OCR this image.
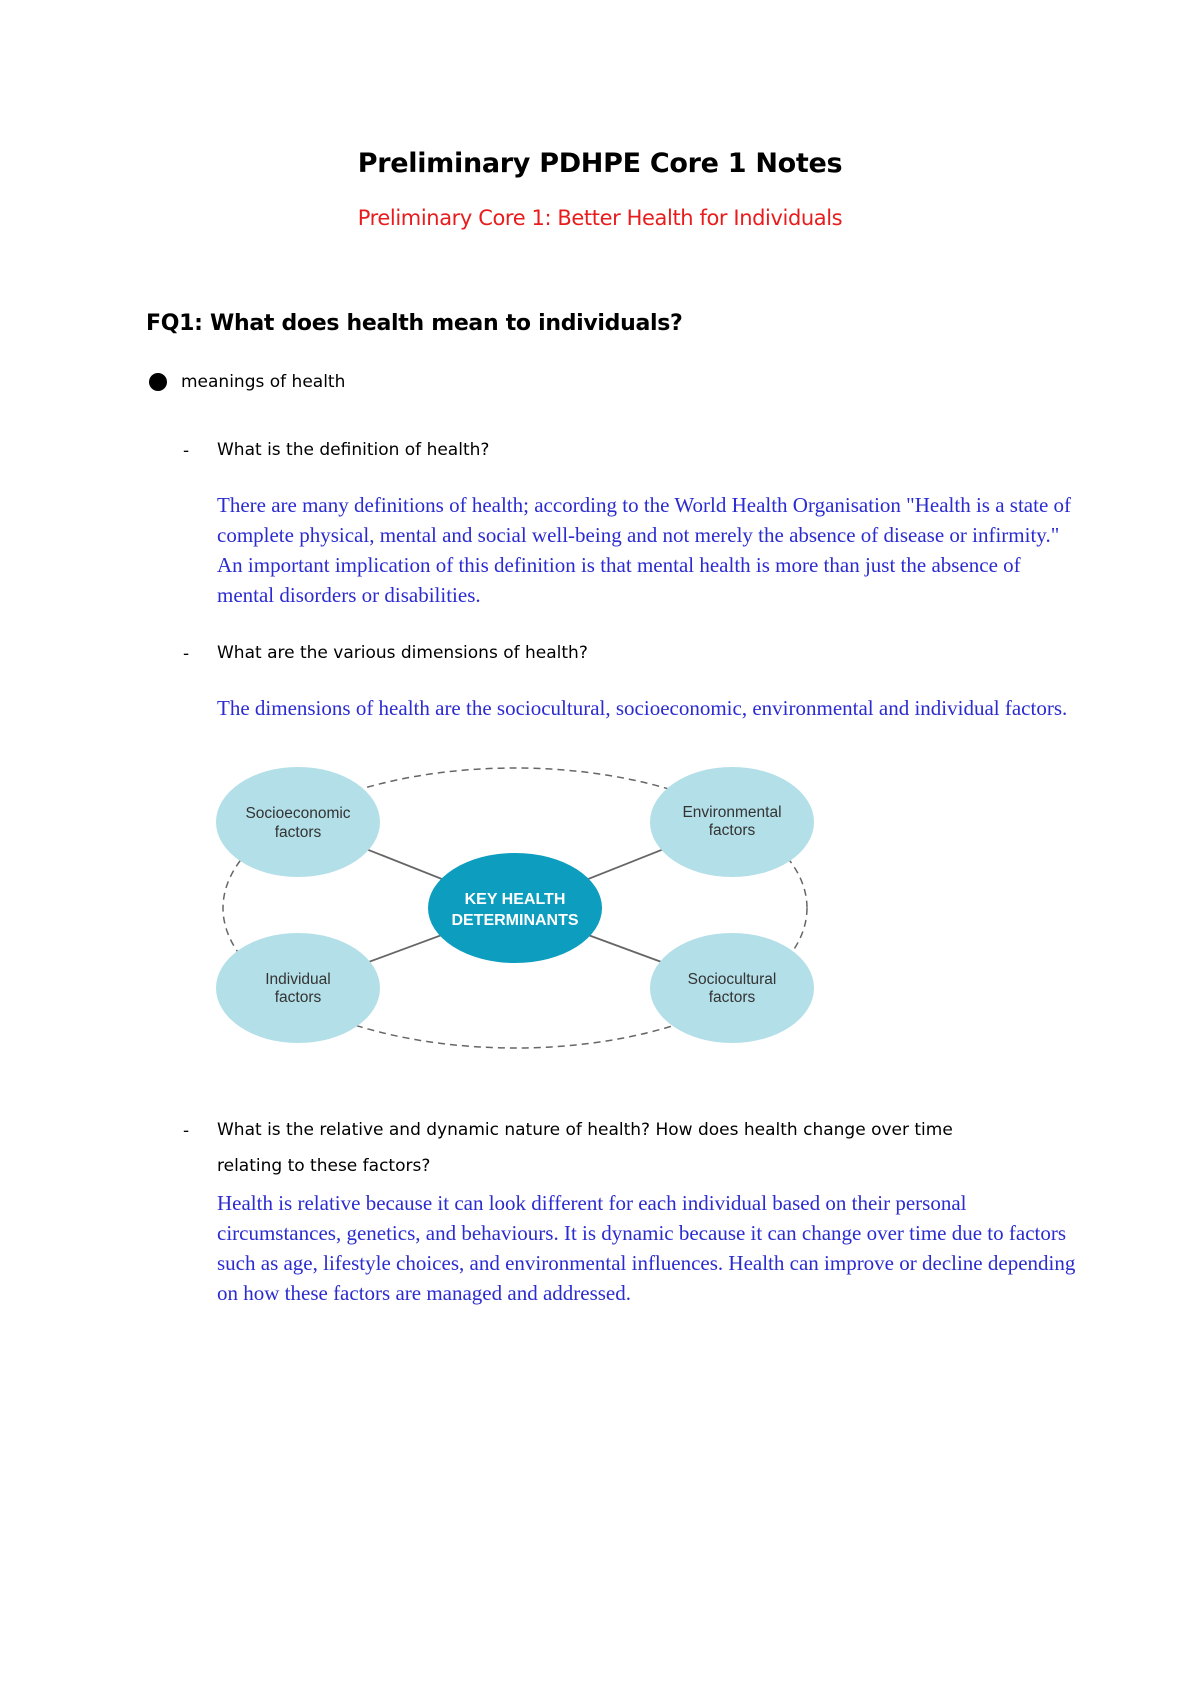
Preliminary PDHPE Core 1 Notes
Preliminary Core 1: Better Health for Individuals
FQ1: What does health mean to individuals?
meanings of health
- What is the definition of health?
There are many definitions of health; according to the World Health Organisation "Health is a state of complete physical, mental and social well-being and not merely the absence of disease or infirmity." An important implication of this definition is that mental health is more than just the absence of mental disorders or disabilities.
- What are the various dimensions of health?
The dimensions of health are the sociocultural, socioeconomic, environmental and individual factors.
Socioeconomic
factors
Environmental
factors
Individual
factors
Sociocultural
factors
KEY HEALTH
DETERMINANTS
- What is the relative and dynamic nature of health? How does health change over time relating to these factors?
Health is relative because it can look different for each individual based on their personal circumstances, genetics, and behaviours. It is dynamic because it can change over time due to factors such as age, lifestyle choices, and environmental influences. Health can improve or decline depending on how these factors are managed and addressed.
